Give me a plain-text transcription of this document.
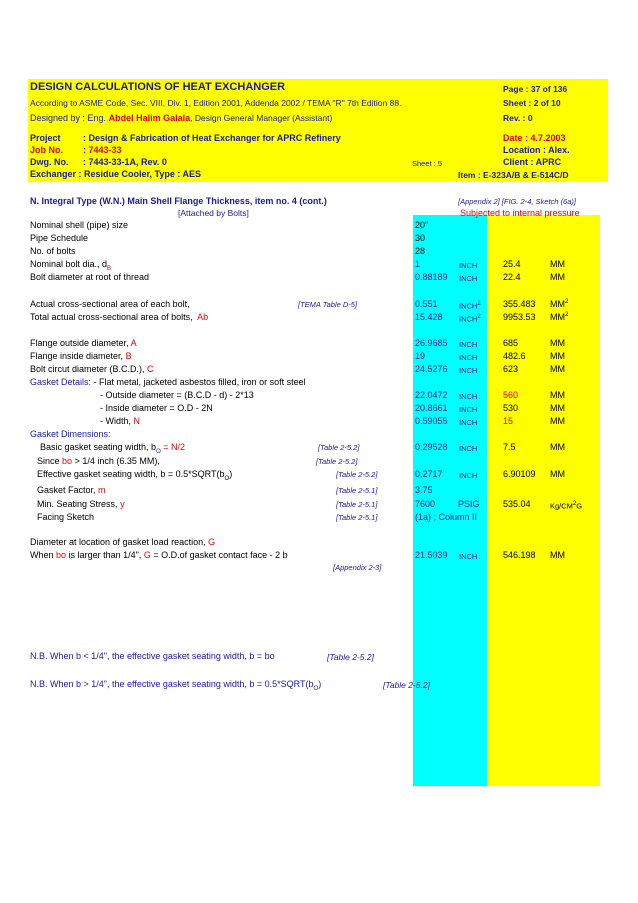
DESIGN CALCULATIONS OF HEAT EXCHANGER	Page : 37 of 136
According to ASME Code, Sec. VIII, Div. 1, Edition 2001, Addenda 2002 / TEMA "R" 7th Edition 88.	Sheet : 2 of 10
Designed by : Eng. Abdel Halim Galala, Design General Manager (Assistant)	Rev. : 0
Project : Design & Fabrication of Heat Exchanger for APRC Refinery	Date : 4.7.2003
Job No. : 7443-33	Location : Alex.
Dwg. No. : 7443-33-1A, Rev. 0	Sheet : 5	Client : APRC
Exchanger : Residue Cooler, Type : AES	Item : E-323A/B & E-514C/D
N. Integral Type (W.N.) Main Shell Flange Thickness, item no. 4 (cont.)	[Appendix 2] [FIG. 2-4, Sketch (6a)]
[Attached by Bolts]	Subjected to internal pressure
Nominal shell (pipe) size	20"
Pipe Schedule	30
No. of bolts	28
Nominal bolt dia., $d_B$	1	INCH	25.4	MM
Bolt diameter at root of thread	0.88189 INCH	22.4	MM
Actual cross-sectional area of each bolt,	[TEMA Table D-5]	0.551	INCH$^2$ 355.483 $MM^2$
Total actual cross-sectional area of bolts, Ab	15.428 INCH$^2$ 9953.53 $MM^2$
Flange outside diameter, A	26.9685 INCH	685	MM
Flange inside diameter, B	19	INCH	482.6	MM
Bolt circut diameter (B.C.D.), C	24.5276 INCH	623	MM
Gasket Details: - Flat metal, jacketed asbestos filled, iron or soft steel
- Outside diameter = (B.C.D - d) - 2*13	22.0472 INCH	560	MM
- Inside diameter = O.D - 2N	20.8661 INCH	530	MM
- Width, N	0.59055 INCH	15	MM
Gasket Dimensions:
Basic gasket seating width, $b_O = N/2$	[Table 2-5.2]	0.29528 INCH	7.5	MM
Since bo > 1/4 inch (6.35 MM),	[Table 2-5.2]
Effective gasket seating width, $b = 0.5*SQRT(b_O)$	[Table 2-5.2]	0.2717 INCH	6.90109 MM
Gasket Factor, m	[Table 2-5.1]	3.75
Min. Seating Stress, y	[Table 2-5.1]	7600	PSIG	535.04	$Kg/CM^2G$
Facing Sketch	[Table 2-5.1]	(1a) ; Column II
Diameter at location of gasket load reaction, G
When bo is larger than 1/4", G = O.D.of gasket contact face - 2 b	21.5039 INCH	546.198 MM
[Appendix 2-3]
N.B. When b < 1/4", the effective gasket seating width, b = bo	[Table 2-5.2]
N.B. When b > 1/4", the effective gasket seating width, $b = 0.5*SQRT(b_O)$	[Table 2-5.2]
